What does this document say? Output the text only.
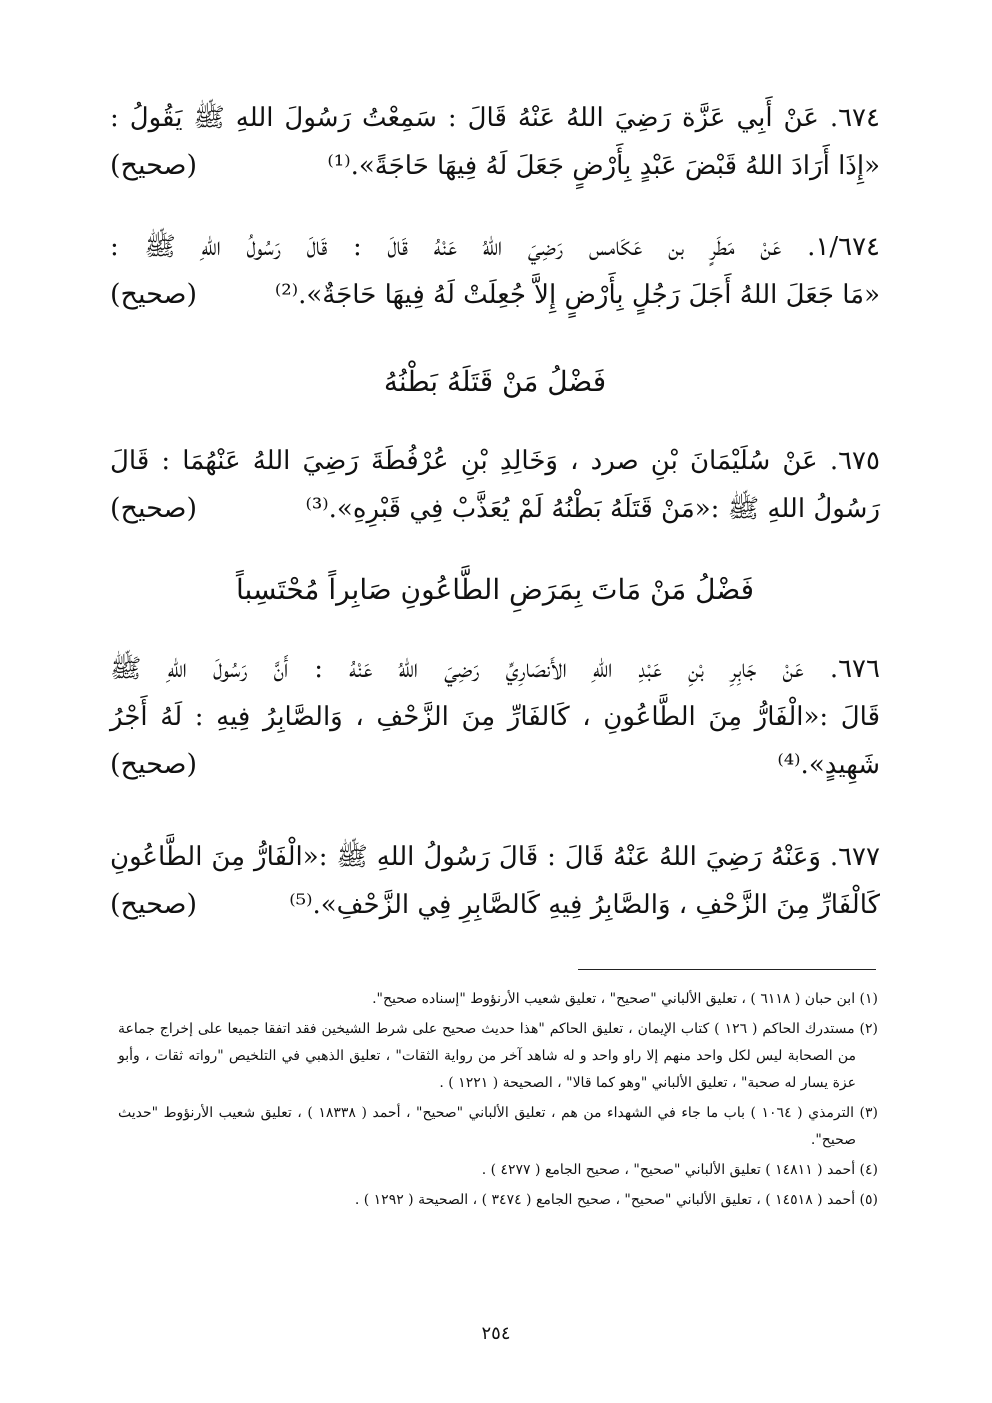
٦٧٤. عَنْ أَبِي عَزَّة رَضِيَ اللهُ عَنْهُ قَالَ : سَمِعْتُ رَسُولَ اللهِ ﷺ يَقُولُ :

«إِذَا أَرَادَ اللهُ قَبْضَ عَبْدٍ بِأَرْضٍ جَعَلَ لَهُ فِيهَا حَاجَةً».⁽¹⁾

(صحيح)

١/٦٧٤. عَنْ مَطَرٍ بن عَكَامس رَضِيَ اللهُ عَنْهُ قَالَ : قَالَ رَسُولُ اللهِ ﷺ :

«مَا جَعَلَ اللهُ أَجَلَ رَجُلٍ بِأَرْضٍ إِلاَّ جُعِلَتْ لَهُ فِيهَا حَاجَةٌ».⁽²⁾

(صحيح)
فَضْلُ مَنْ قَتَلَهُ بَطْنُهُ

٦٧٥. عَنْ سُلَيْمَانَ بْنِ صرد ، وَخَالِدِ بْنِ عُرْفُطَةَ رَضِيَ اللهُ عَنْهُمَا : قَالَ

رَسُولُ اللهِ ﷺ :«مَنْ قَتَلَهُ بَطْنُهُ لَمْ يُعَذَّبْ فِي قَبْرِهِ».⁽³⁾

(صحيح)
فَضْلُ مَنْ مَاتَ بِمَرَضِ الطَّاعُونِ صَابِراً مُحْتَسِباً

٦٧٦. عَنْ جَابِرِ بْنِ عَبْدِ اللهِ الأَنصَارِيِّ رَضِيَ اللهُ عَنْهُ : أَنَّ رَسُولَ اللهِ ﷺ

قَالَ :«الْفَارُّ مِنَ الطَّاعُونِ ، كَالفَارِّ مِنَ الزَّحْفِ ، وَالصَّابِرُ فِيهِ : لَهُ أَجْرُ

شَهِيدٍ».⁽⁴⁾

(صحيح)

٦٧٧. وَعَنْهُ رَضِيَ اللهُ عَنْهُ قَالَ : قَالَ رَسُولُ اللهِ ﷺ :«الْفَارُّ مِنَ الطَّاعُونِ

كَالْفَارِّ مِنَ الزَّحْفِ ، وَالصَّابِرُ فِيهِ كَالصَّابِرِ فِي الزَّحْفِ».⁽⁵⁾

(صحيح)

(١) ابن حبان ( ٦١١٨ ) ، تعليق الألباني "صحيح" ، تعليق شعيب الأرنؤوط "إسناده صحيح".

(٢) مستدرك الحاكم ( ١٢٦ ) كتاب الإيمان ، تعليق الحاكم "هذا حديث صحيح على شرط الشيخين فقد اتفقا جميعا على إخراج جماعة من الصحابة ليس لكل واحد منهم إلا راو واحد و له شاهد آخر من رواية الثقات" ، تعليق الذهبي في التلخيص "رواته ثقات ، وأبو عزة يسار له صحبة" ، تعليق الألباني "وهو كما قالا" ، الصحيحة ( ١٢٢١ ) .

(٣) الترمذي ( ١٠٦٤ ) باب ما جاء في الشهداء من هم ، تعليق الألباني "صحيح" ، أحمد ( ١٨٣٣٨ ) ، تعليق شعيب الأرنؤوط "حديث صحيح".

(٤) أحمد ( ١٤٨١١ ) تعليق الألباني "صحيح" ، صحيح الجامع ( ٤٢٧٧ ) .

(٥) أحمد ( ١٤٥١٨ ) ، تعليق الألباني "صحيح" ، صحيح الجامع ( ٣٤٧٤ ) ، الصحيحة ( ١٢٩٢ ) .

٢٥٤
